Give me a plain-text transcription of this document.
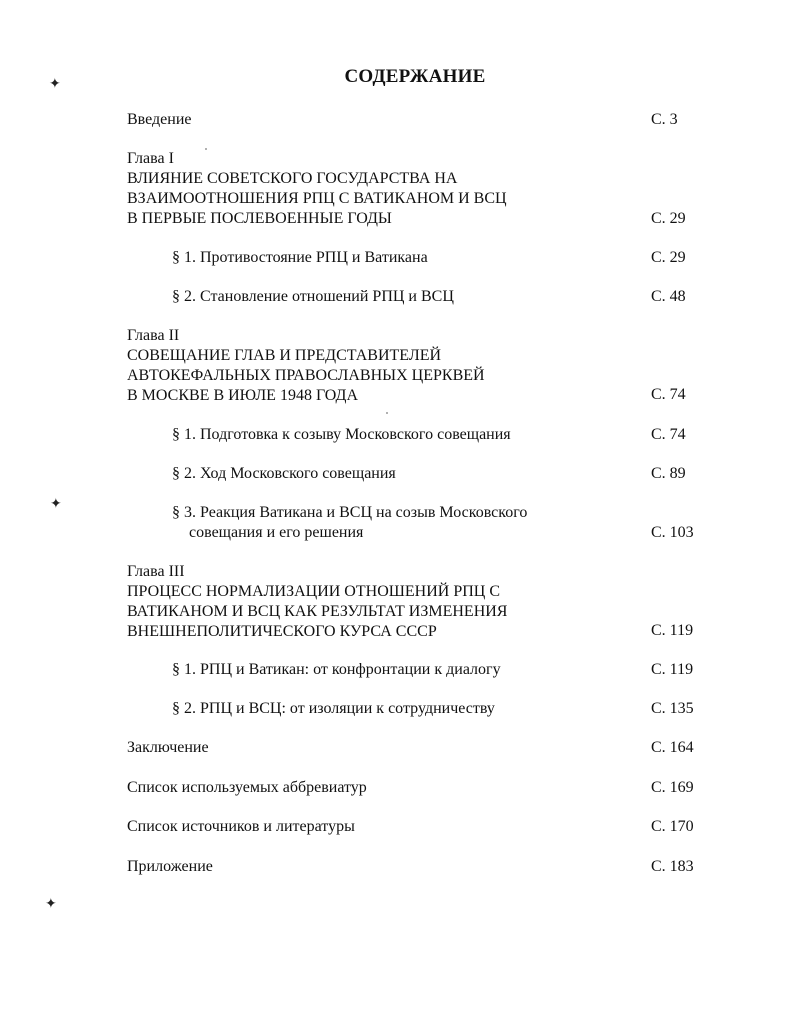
✦
✦
✦
СОДЕРЖАНИЕ
Введение	С. 3
Глава I
ВЛИЯНИЕ СОВЕТСКОГО ГОСУДАРСТВА НА
ВЗАИМООТНОШЕНИЯ РПЦ С ВАТИКАНОМ И ВСЦ
В ПЕРВЫЕ ПОСЛЕВОЕННЫЕ ГОДЫ	С. 29
§ 1. Противостояние РПЦ и Ватикана	С. 29
§ 2. Становление отношений РПЦ и ВСЦ	С. 48
Глава II
СОВЕЩАНИЕ ГЛАВ И ПРЕДСТАВИТЕЛЕЙ
АВТОКЕФАЛЬНЫХ ПРАВОСЛАВНЫХ ЦЕРКВЕЙ
В МОСКВЕ В ИЮЛЕ 1948 ГОДА	С. 74
§ 1. Подготовка к созыву Московского совещания	С. 74
§ 2. Ход Московского совещания	С. 89
§ 3. Реакция Ватикана и ВСЦ на созыв Московского
совещания и его решения	С. 103
Глава III
ПРОЦЕСС НОРМАЛИЗАЦИИ ОТНОШЕНИЙ РПЦ С
ВАТИКАНОМ И ВСЦ КАК РЕЗУЛЬТАТ ИЗМЕНЕНИЯ
ВНЕШНЕПОЛИТИЧЕСКОГО КУРСА СССР	С. 119
§ 1. РПЦ и Ватикан: от конфронтации к диалогу	С. 119
§ 2. РПЦ и ВСЦ: от изоляции к сотрудничеству	С. 135
Заключение	С. 164
Список используемых аббревиатур	С. 169
Список источников и литературы	С. 170
Приложение	С. 183
